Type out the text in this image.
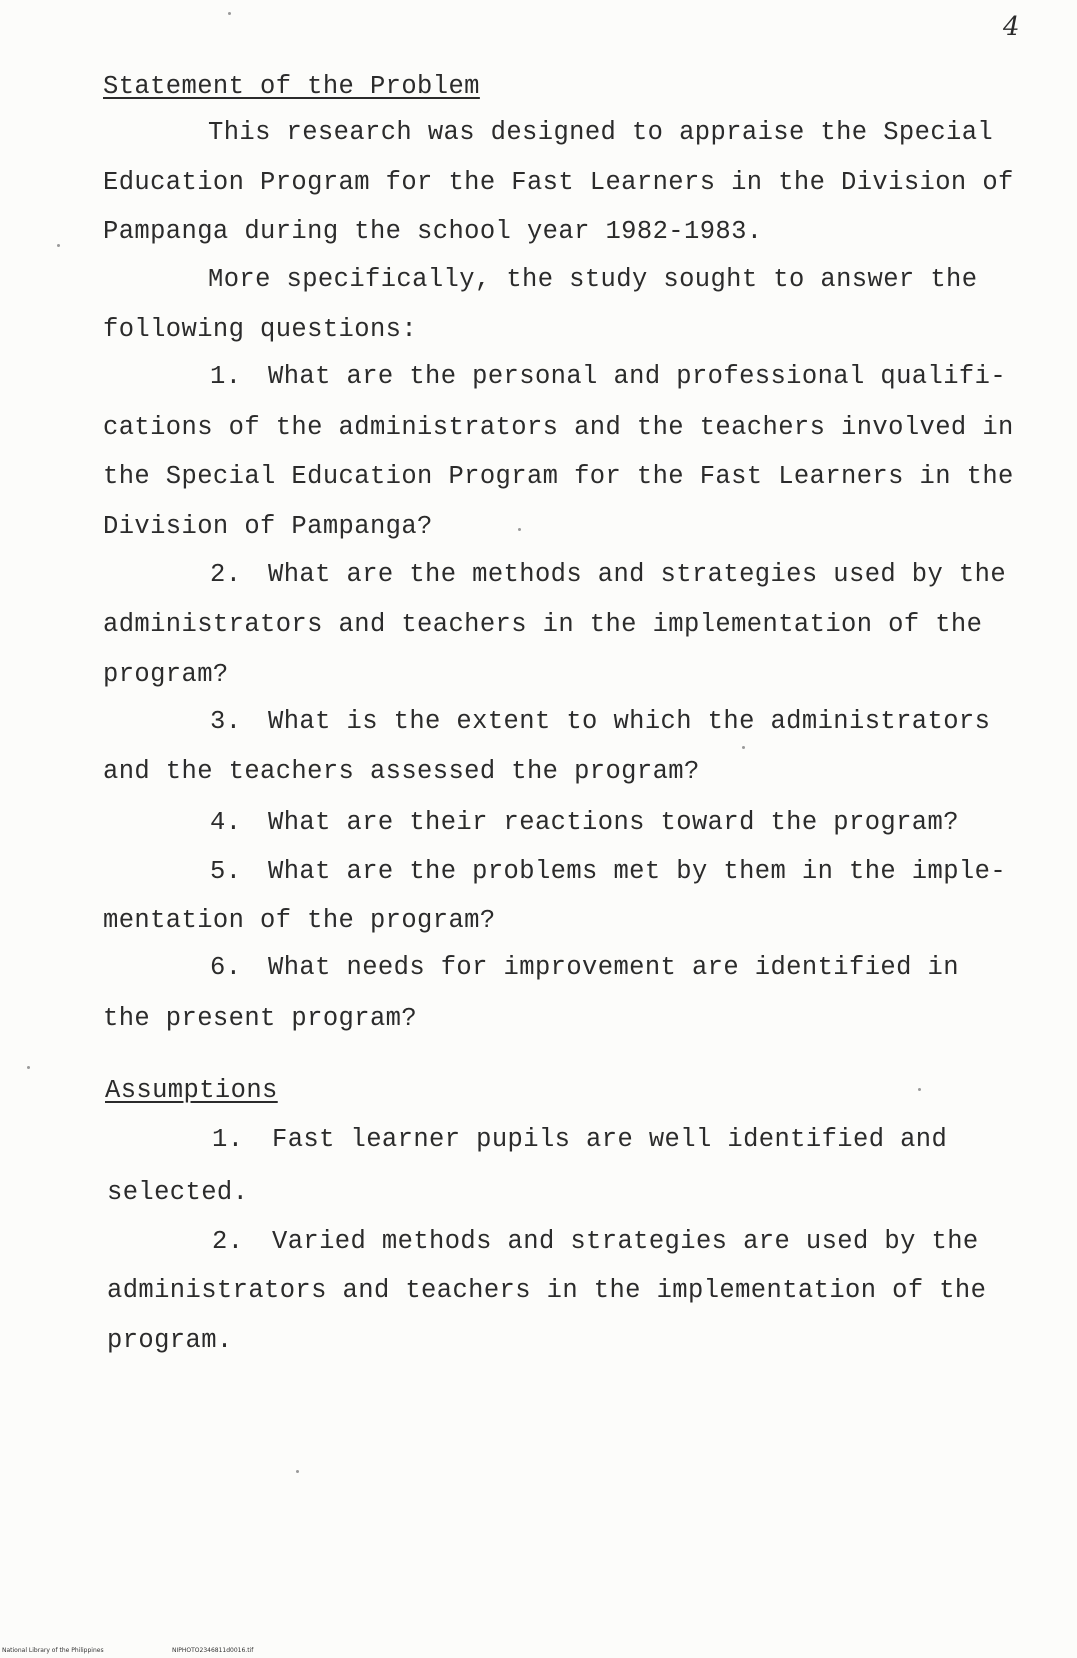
4
Statement of the Problem
This research was designed to appraise the Special
Education Program for the Fast Learners in the Division of
Pampanga during the school year 1982-1983.
More specifically, the study sought to answer the
following questions:
1. What are the personal and professional qualifi-
cations of the administrators and the teachers involved in
the Special Education Program for the Fast Learners in the
Division of Pampanga?
2. What are the methods and strategies used by the
administrators and teachers in the implementation of the
program?
3. What is the extent to which the administrators
and the teachers assessed the program?
4. What are their reactions toward the program?
5. What are the problems met by them in the imple-
mentation of the program?
6. What needs for improvement are identified in
the present program?
Assumptions
1. Fast learner pupils are well identified and
selected.
2. Varied methods and strategies are used by the
administrators and teachers in the implementation of the
program.
National Library of the Philippines	NIPHOTO2346811d0016.tif
